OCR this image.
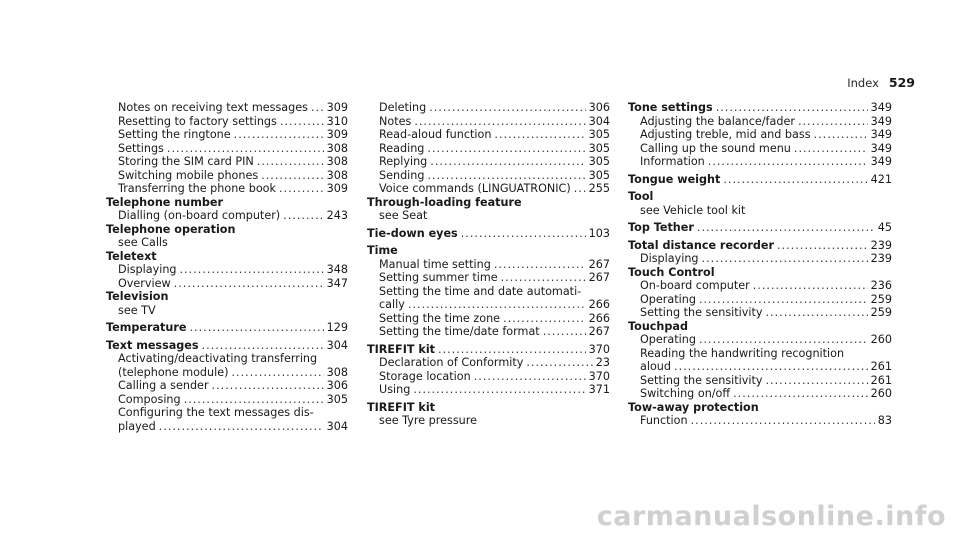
Index 529
Notes on receiving text messages ..... 309
Resetting to factory settings .....	310
Setting the ringtone .....	309
Settings .....	308
Storing the SIM card PIN .....	308
Switching mobile phones .....	308
Transferring the phone book .....	309
Telephone number
Dialling (on-board computer) .....	243
Telephone operation
see Calls
Teletext
Displaying .....	348
Overview .....	347
Television
see TV
Temperature .....	129
Text messages .....	304
Activating/deactivating transferring
(telephone module) .....	308
Calling a sender .....	306
Composing .....	305
Configuring the text messages dis-
played .....	304
Deleting .....	306
Notes .....	304
Read-aloud function .....	305
Reading .....	305
Replying .....	305
Sending .....	305
Voice commands (LINGUATRONIC) ..... 255
Through-loading feature
see Seat
Tie-down eyes .....	103
Time
Manual time setting .....	267
Setting summer time .....	267
Setting the time and date automati-
cally .....	266
Setting the time zone .....	266
Setting the time/date format .....	267
TIREFIT kit .....	370
Declaration of Conformity .....	23
Storage location .....	370
Using .....	371
TIREFIT kit
see Tyre pressure
Tone settings .....	349
Adjusting the balance/fader .....	349
Adjusting treble, mid and bass .....	349
Calling up the sound menu .....	349
Information .....	349
Tongue weight .....	421
Tool
see Vehicle tool kit
Top Tether .....	45
Total distance recorder .....	239
Displaying .....	239
Touch Control
On-board computer .....	236
Operating .....	259
Setting the sensitivity .....	259
Touchpad
Operating .....	260
Reading the handwriting recognition
aloud .....	261
Setting the sensitivity .....	261
Switching on/off .....	260
Tow-away protection
Function .....	83
carmanualsonline.info
